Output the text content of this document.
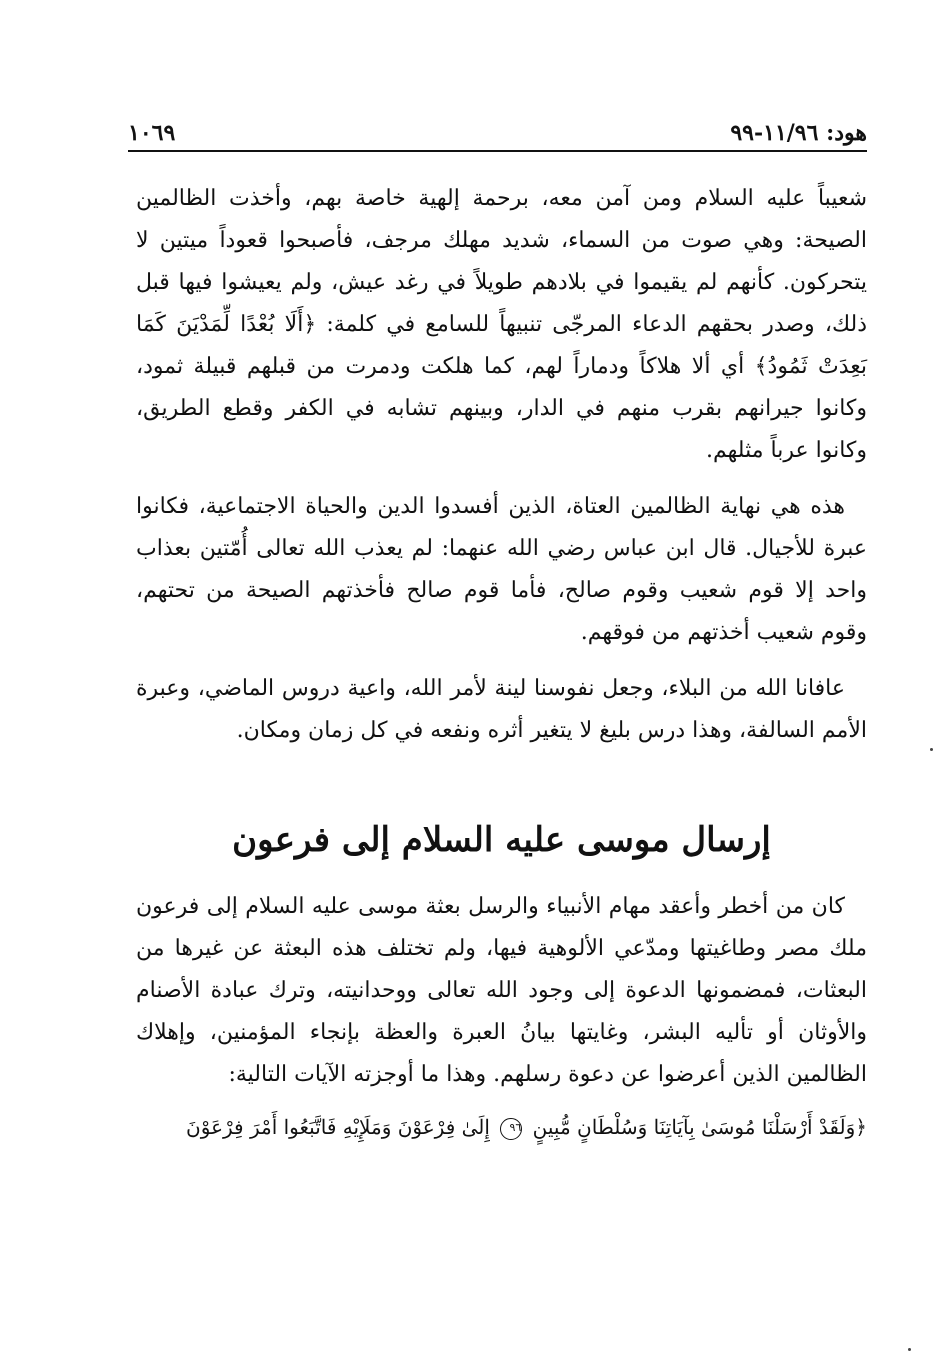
هود: ١١/٩٦-٩٩
١٠٦٩

شعيباً عليه السلام ومن آمن معه، برحمة إلهية خاصة بهم، وأخذت الظالمين الصيحة: وهي صوت من السماء، شديد مهلك مرجف، فأصبحوا قعوداً ميتين لا يتحركون. كأنهم لم يقيموا في بلادهم طويلاً في رغد عيش، ولم يعيشوا فيها قبل ذلك، وصدر بحقهم الدعاء المرجّى تنبيهاً للسامع في كلمة: ﴿أَلَا بُعْدًا لِّمَدْيَنَ كَمَا بَعِدَتْ ثَمُودُ﴾ أي ألا هلاكاً ودماراً لهم، كما هلكت ودمرت من قبلهم قبيلة ثمود، وكانوا جيرانهم بقرب منهم في الدار، وبينهم تشابه في الكفر وقطع الطريق، وكانوا عرباً مثلهم.

هذه هي نهاية الظالمين العتاة، الذين أفسدوا الدين والحياة الاجتماعية، فكانوا عبرة للأجيال. قال ابن عباس رضي الله عنهما: لم يعذب الله تعالى أُمّتين بعذاب واحد إلا قوم شعيب وقوم صالح، فأما قوم صالح فأخذتهم الصيحة من تحتهم، وقوم شعيب أخذتهم من فوقهم.

عافانا الله من البلاء، وجعل نفوسنا لينة لأمر الله، واعية دروس الماضي، وعبرة الأمم السالفة، وهذا درس بليغ لا يتغير أثره ونفعه في كل زمان ومكان.

إرسال موسى عليه السلام إلى فرعون

كان من أخطر وأعقد مهام الأنبياء والرسل بعثة موسى عليه السلام إلى فرعون ملك مصر وطاغيتها ومدّعي الألوهية فيها، ولم تختلف هذه البعثة عن غيرها من البعثات، فمضمونها الدعوة إلى وجود الله تعالى ووحدانيته، وترك عبادة الأصنام والأوثان أو تأليه البشر، وغايتها بيانُ العبرة والعظة بإنجاء المؤمنين، وإهلاك الظالمين الذين أعرضوا عن دعوة رسلهم. وهذا ما أوجزته الآيات التالية:

﴿وَلَقَدْ أَرْسَلْنَا مُوسَىٰ بِآيَاتِنَا وَسُلْطَانٍ مُّبِينٍ ٩٦ إِلَىٰ فِرْعَوْنَ وَمَلَإِيْهِ فَاتَّبَعُوا أَمْرَ فِرْعَوْنَ
